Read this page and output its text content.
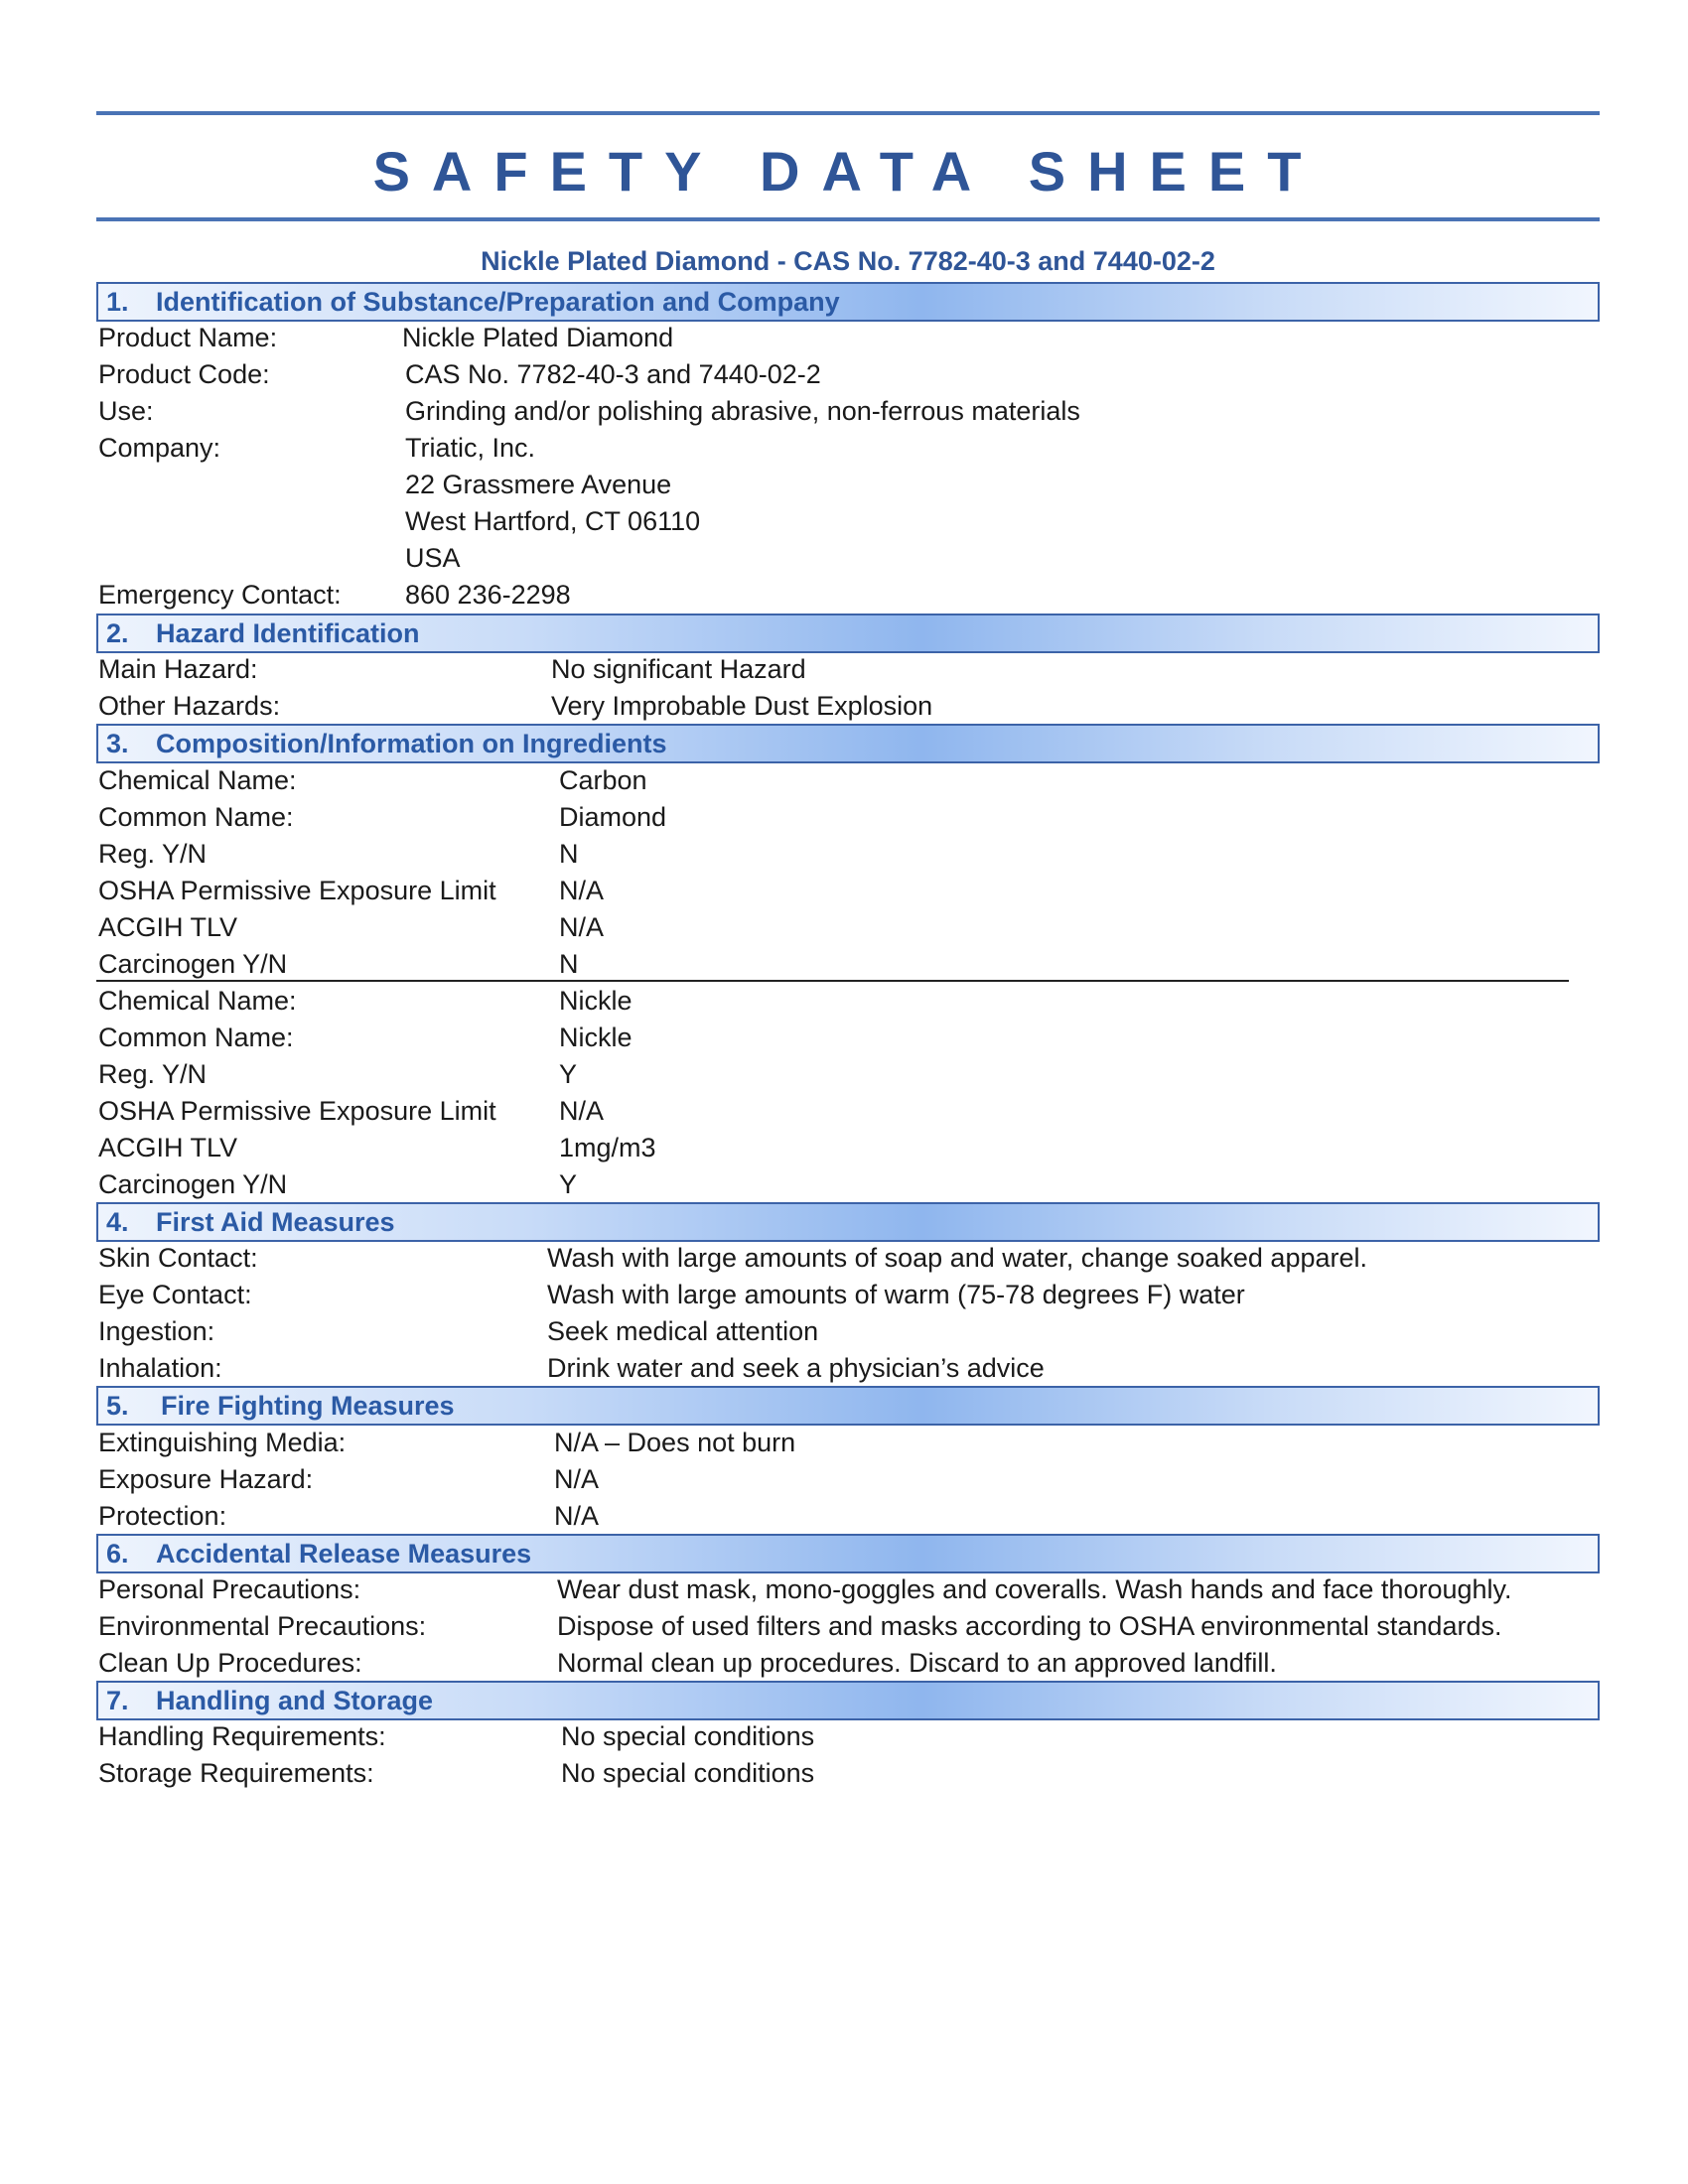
SAFETY DATA SHEET
Nickle Plated Diamond - CAS No. 7782-40-3 and 7440-02-2
1. Identification of Substance/Preparation and Company
Product Name:	Nickle Plated Diamond
Product Code:	CAS No. 7782-40-3 and 7440-02-2
Use:	Grinding and/or polishing abrasive, non-ferrous materials
Company:	Triatic, Inc.
22 Grassmere Avenue
West Hartford, CT 06110
USA
Emergency Contact: 860 236-2298
2. Hazard Identification
Main Hazard:	No significant Hazard
Other Hazards:	Very Improbable Dust Explosion
3. Composition/Information on Ingredients
Chemical Name:	Carbon
Common Name:	Diamond
Reg. Y/N	N
OSHA Permissive Exposure Limit N/A
ACGIH TLV	N/A
Carcinogen Y/N	N
Chemical Name:	Nickle
Common Name:	Nickle
Reg. Y/N	Y
OSHA Permissive Exposure Limit N/A
ACGIH TLV	1mg/m3
Carcinogen Y/N	Y
4. First Aid Measures
Skin Contact:	Wash with large amounts of soap and water, change soaked apparel.
Eye Contact:	Wash with large amounts of warm (75-78 degrees F) water
Ingestion:	Seek medical attention
Inhalation:	Drink water and seek a physician’s advice
5. Fire Fighting Measures
Extinguishing Media:	N/A – Does not burn
Exposure Hazard:	N/A
Protection:	N/A
6. Accidental Release Measures
Personal Precautions:	Wear dust mask, mono-goggles and coveralls. Wash hands and face thoroughly.
Environmental Precautions:	Dispose of used filters and masks according to OSHA environmental standards.
Clean Up Procedures:	Normal clean up procedures. Discard to an approved landfill.
7. Handling and Storage
Handling Requirements:	No special conditions
Storage Requirements:	No special conditions
